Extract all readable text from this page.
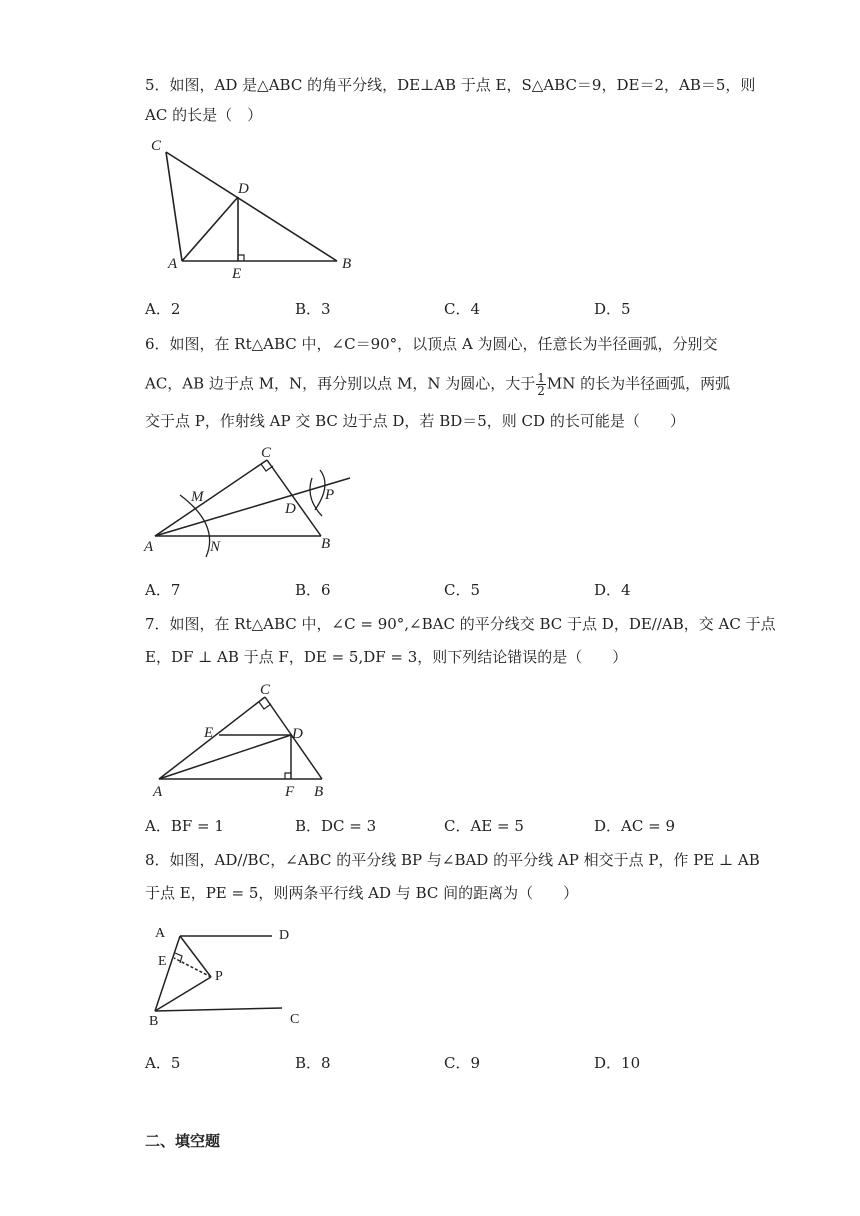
5．如图，AD 是△ABC 的角平分线，DE⊥AB 于点 E，S△ABC＝9，DE＝2，AB＝5，则
AC 的长是（　）
C
D
A
E
B
A．2	B．3	C．4	D．5
6．如图，在 Rt△ABC 中，∠C＝90°，以顶点 A 为圆心，任意长为半径画弧，分别交
AC，AB 边于点 M，N，再分别以点 M，N 为圆心，大于 $\frac{1}{2}$ MN 的长为半径画弧，两弧
交于点 P，作射线 AP 交 BC 边于点 D，若 BD＝5，则 CD 的长可能是（　　）
C
M	P
D
A	N	B
A．7	B．6	C．5	D．4
7．如图，在 Rt△ABC 中，∠C = 90°,∠BAC 的平分线交 BC 于点 D，DE//AB，交 AC 于点
E，DF ⊥ AB 于点 F，DE = 5,DF = 3，则下列结论错误的是（　　）
C
E	D
A	F B
A．BF = 1	B．DC = 3	C．AE = 5	D．AC = 9
8．如图，AD//BC，∠ABC 的平分线 BP 与∠BAD 的平分线 AP 相交于点 P，作 PE ⊥ AB
于点 E，PE = 5，则两条平行线 AD 与 BC 间的距离为（　　）
A	D
E
P
B	C
A．5	B．8	C．9	D．10
二、填空题
